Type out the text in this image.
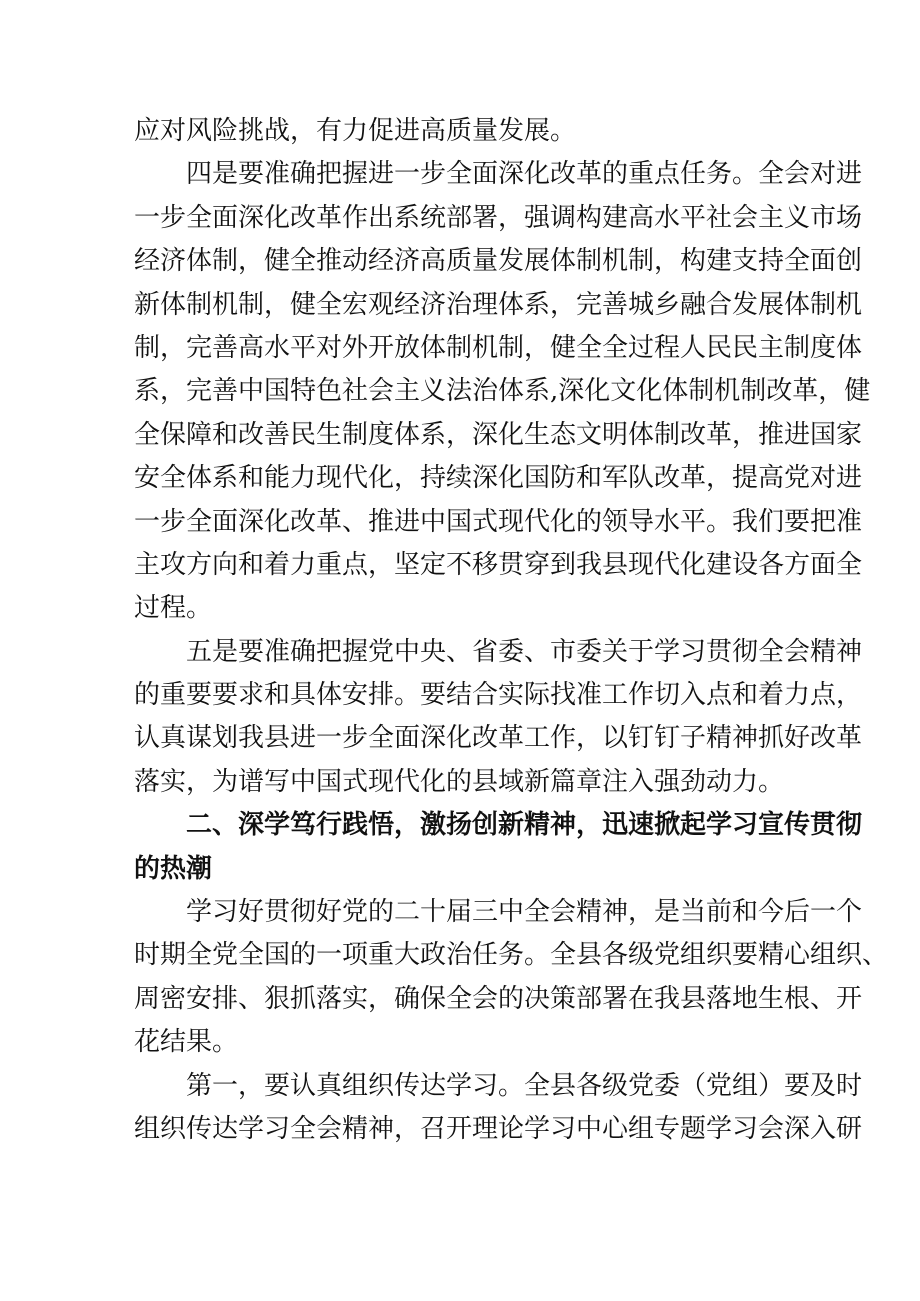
应对风险挑战，有力促进高质量发展。
四是要准确把握进一步全面深化改革的重点任务。全会对进
一步全面深化改革作出系统部署，强调构建高水平社会主义市场
经济体制，健全推动经济高质量发展体制机制，构建支持全面创
新体制机制，健全宏观经济治理体系，完善城乡融合发展体制机
制，完善高水平对外开放体制机制，健全全过程人民民主制度体
系，完善中国特色社会主义法治体系,深化文化体制机制改革，健
全保障和改善民生制度体系，深化生态文明体制改革，推进国家
安全体系和能力现代化，持续深化国防和军队改革，提高党对进
一步全面深化改革、推进中国式现代化的领导水平。我们要把准
主攻方向和着力重点，坚定不移贯穿到我县现代化建设各方面全
过程。
五是要准确把握党中央、省委、市委关于学习贯彻全会精神
的重要要求和具体安排。要结合实际找准工作切入点和着力点，
认真谋划我县进一步全面深化改革工作，以钉钉子精神抓好改革
落实，为谱写中国式现代化的县域新篇章注入强劲动力。
二、深学笃行践悟，激扬创新精神，迅速掀起学习宣传贯彻
的热潮
学习好贯彻好党的二十届三中全会精神，是当前和今后一个
时期全党全国的一项重大政治任务。全县各级党组织要精心组织、
周密安排、狠抓落实，确保全会的决策部署在我县落地生根、开
花结果。
第一，要认真组织传达学习。全县各级党委（党组）要及时
组织传达学习全会精神，召开理论学习中心组专题学习会深入研
